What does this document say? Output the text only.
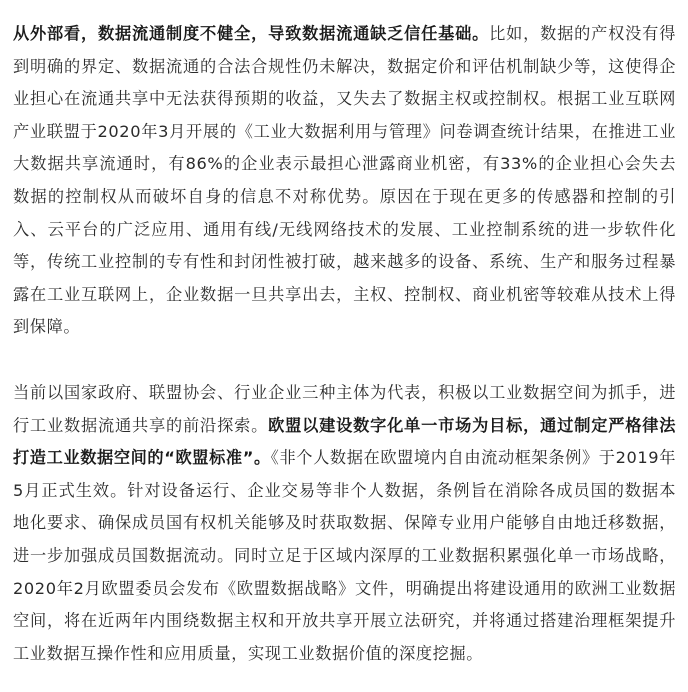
从外部看，数据流通制度不健全，导致数据流通缺乏信任基础。比如，数据的产权没有得到明确的界定、数据流通的合法合规性仍未解决，数据定价和评估机制缺少等，这使得企业担心在流通共享中无法获得预期的收益，又失去了数据主权或控制权。根据工业互联网产业联盟于2020年3月开展的《工业大数据利用与管理》问卷调查统计结果，在推进工业大数据共享流通时，有86%的企业表示最担心泄露商业机密，有33%的企业担心会失去数据的控制权从而破坏自身的信息不对称优势。原因在于现在更多的传感器和控制的引入、云平台的广泛应用、通用有线/无线网络技术的发展、工业控制系统的进一步软件化等，传统工业控制的专有性和封闭性被打破，越来越多的设备、系统、生产和服务过程暴露在工业互联网上，企业数据一旦共享出去，主权、控制权、商业机密等较难从技术上得到保障。

当前以国家政府、联盟协会、行业企业三种主体为代表，积极以工业数据空间为抓手，进行工业数据流通共享的前沿探索。欧盟以建设数字化单一市场为目标，通过制定严格律法打造工业数据空间的“欧盟标准”。《非个人数据在欧盟境内自由流动框架条例》于2019年5月正式生效。针对设备运行、企业交易等非个人数据，条例旨在消除各成员国的数据本地化要求、确保成员国有权机关能够及时获取数据、保障专业用户能够自由地迁移数据，进一步加强成员国数据流动。同时立足于区域内深厚的工业数据积累强化单一市场战略，2020年2月欧盟委员会发布《欧盟数据战略》文件，明确提出将建设通用的欧洲工业数据空间，将在近两年内围绕数据主权和开放共享开展立法研究，并将通过搭建治理框架提升工业数据互操作性和应用质量，实现工业数据价值的深度挖掘。
